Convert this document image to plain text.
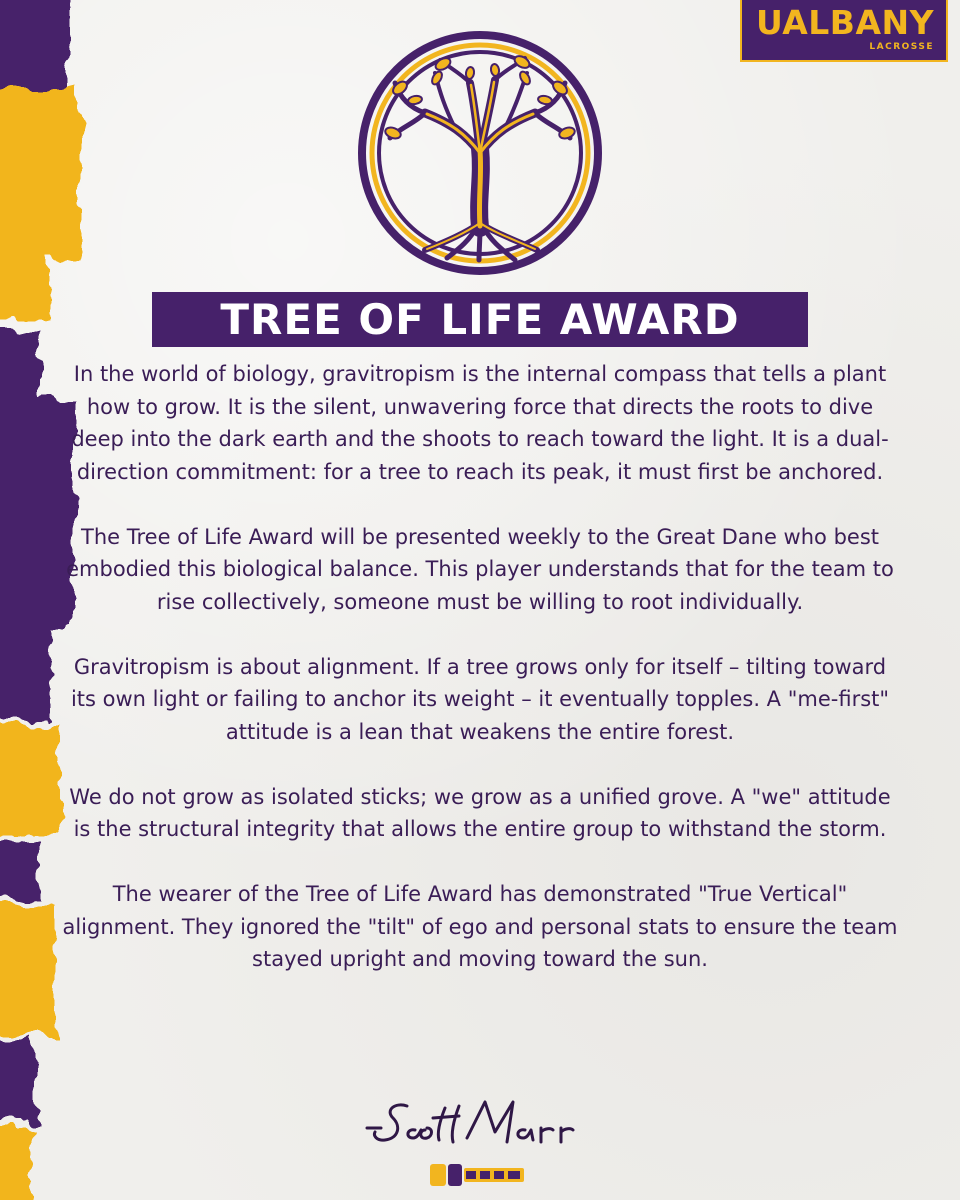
UALBANY
LACROSSE
TREE OF LIFE AWARD

In the world of biology, gravitropism is the internal compass that tells a plant how to grow. It is the silent, unwavering force that directs the roots to dive deep into the dark earth and the shoots to reach toward the light. It is a dual-direction commitment: for a tree to reach its peak, it must first be anchored.

The Tree of Life Award will be presented weekly to the Great Dane who best embodied this biological balance. This player understands that for the team to rise collectively, someone must be willing to root individually.

Gravitropism is about alignment. If a tree grows only for itself – tilting toward its own light or failing to anchor its weight – it eventually topples. A "me-first" attitude is a lean that weakens the entire forest.

We do not grow as isolated sticks; we grow as a unified grove. A "we" attitude is the structural integrity that allows the entire group to withstand the storm.

The wearer of the Tree of Life Award has demonstrated "True Vertical" alignment. They ignored the "tilt" of ego and personal stats to ensure the team stayed upright and moving toward the sun.
